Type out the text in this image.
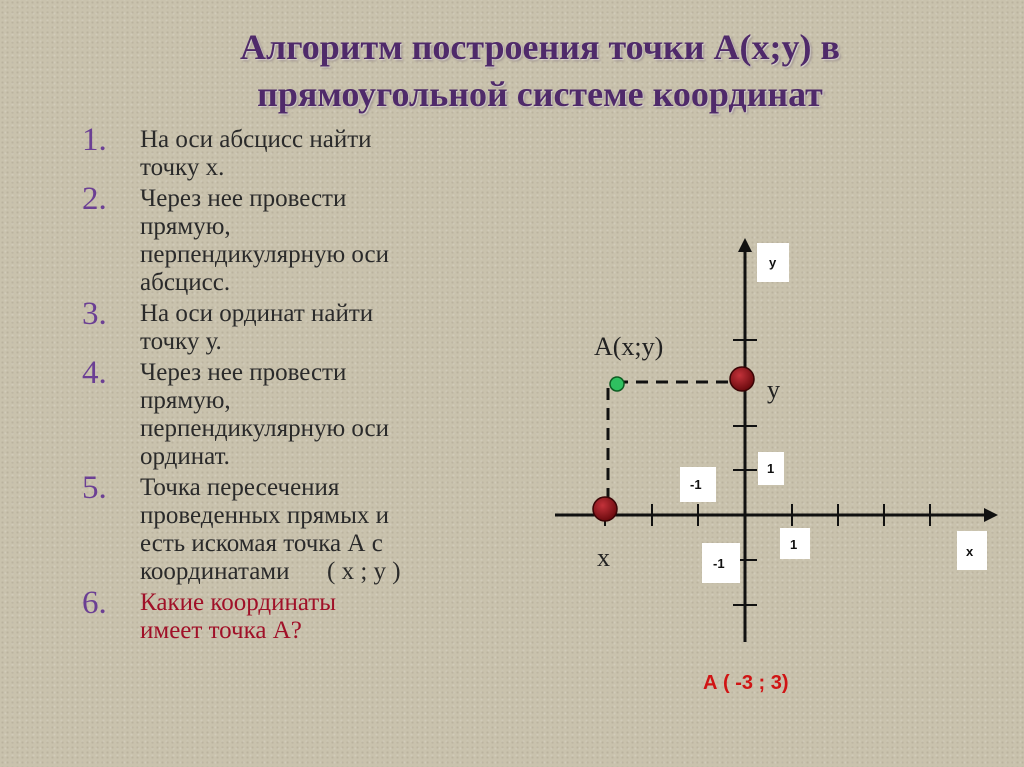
Алгоритм построения точки А(х;у) в
прямоугольной системе координат
1. На оси абсцисс найти
точку х.
2. Через нее провести
прямую,
перпендикулярную оси
абсцисс.
3. На оси ординат найти
точку у.
4. Через нее провести
прямую,
перпендикулярную оси
ординат.
5. Точка пересечения
проведенных прямых и
есть искомая точка А с
координатами      ( х ; у )
6. Какие координаты
имеет точка А?
А(х;у)
у
х
у
х
1
-1
1
-1
А ( -3 ; 3)
